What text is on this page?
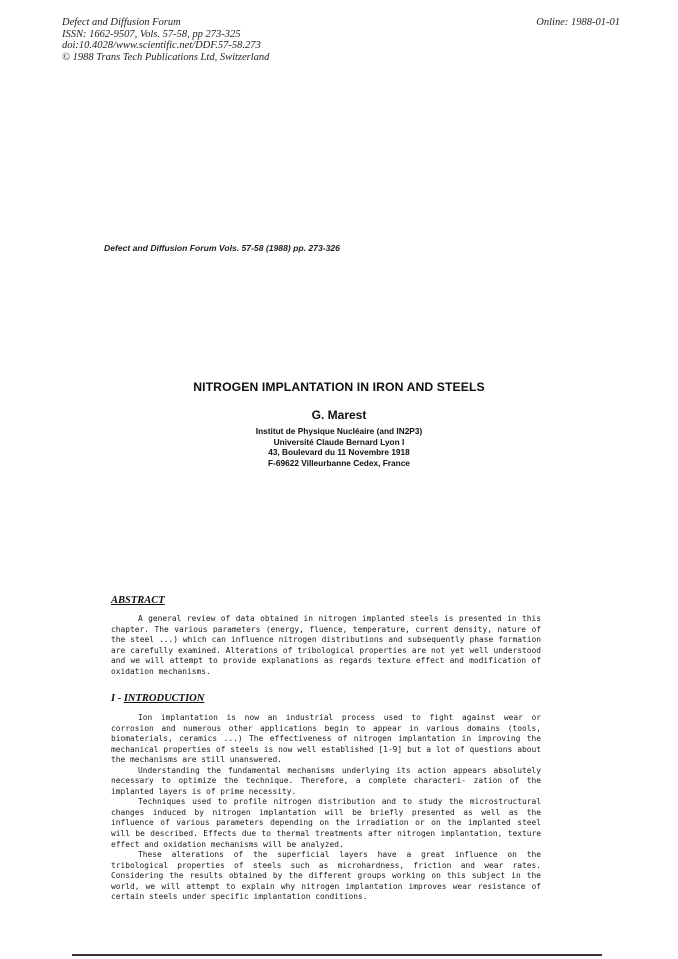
Defect and Diffusion Forum
ISSN: 1662-9507, Vols. 57-58, pp 273-325
doi:10.4028/www.scientific.net/DDF.57-58.273
© 1988 Trans Tech Publications Ltd, Switzerland
Online: 1988-01-01
Defect and Diffusion Forum Vols. 57-58 (1988) pp. 273-326
NITROGEN IMPLANTATION IN IRON AND STEELS
G. Marest
Institut de Physique Nucléaire (and IN2P3)
Université Claude Bernard Lyon I
43, Boulevard du 11 Novembre 1918
F-69622 Villeurbanne Cedex, France
ABSTRACT

A general review of data obtained in nitrogen implanted steels is presented in this chapter. The various parameters (energy, fluence, temperature, current density, nature of the steel ...) which can influence nitrogen distributions and subsequently phase formation are carefully examined. Alterations of tribological properties are not yet well understood and we will attempt to provide explanations as regards texture effect and modification of oxidation mechanisms.

I - INTRODUCTION

Ion implantation is now an industrial process used to fight against wear or corrosion and numerous other applications begin to appear in various domains (tools, biomaterials, ceramics ...) The effectiveness of nitrogen implantation in improving the mechanical properties of steels is now well established [1-9] but a lot of questions about the mechanisms are still unanswered.

Understanding the fundamental mechanisms underlying its action appears absolutely necessary to optimize the technique. Therefore, a complete characteri- zation of the implanted layers is of prime necessity.

Techniques used to profile nitrogen distribution and to study the microstructural changes induced by nitrogen implantation will be briefly presented as well as the influence of various parameters depending on the irradiation or on the implanted steel will be described. Effects due to thermal treatments after nitrogen implantation, texture effect and oxidation mechanisms will be analyzed.

These alterations of the superficial layers have a great influence on the tribological properties of steels such as microhardness, friction and wear rates. Considering the results obtained by the different groups working on this subject in the world, we will attempt to explain why nitrogen implantation improves wear resistance of certain steels under specific implantation conditions.
